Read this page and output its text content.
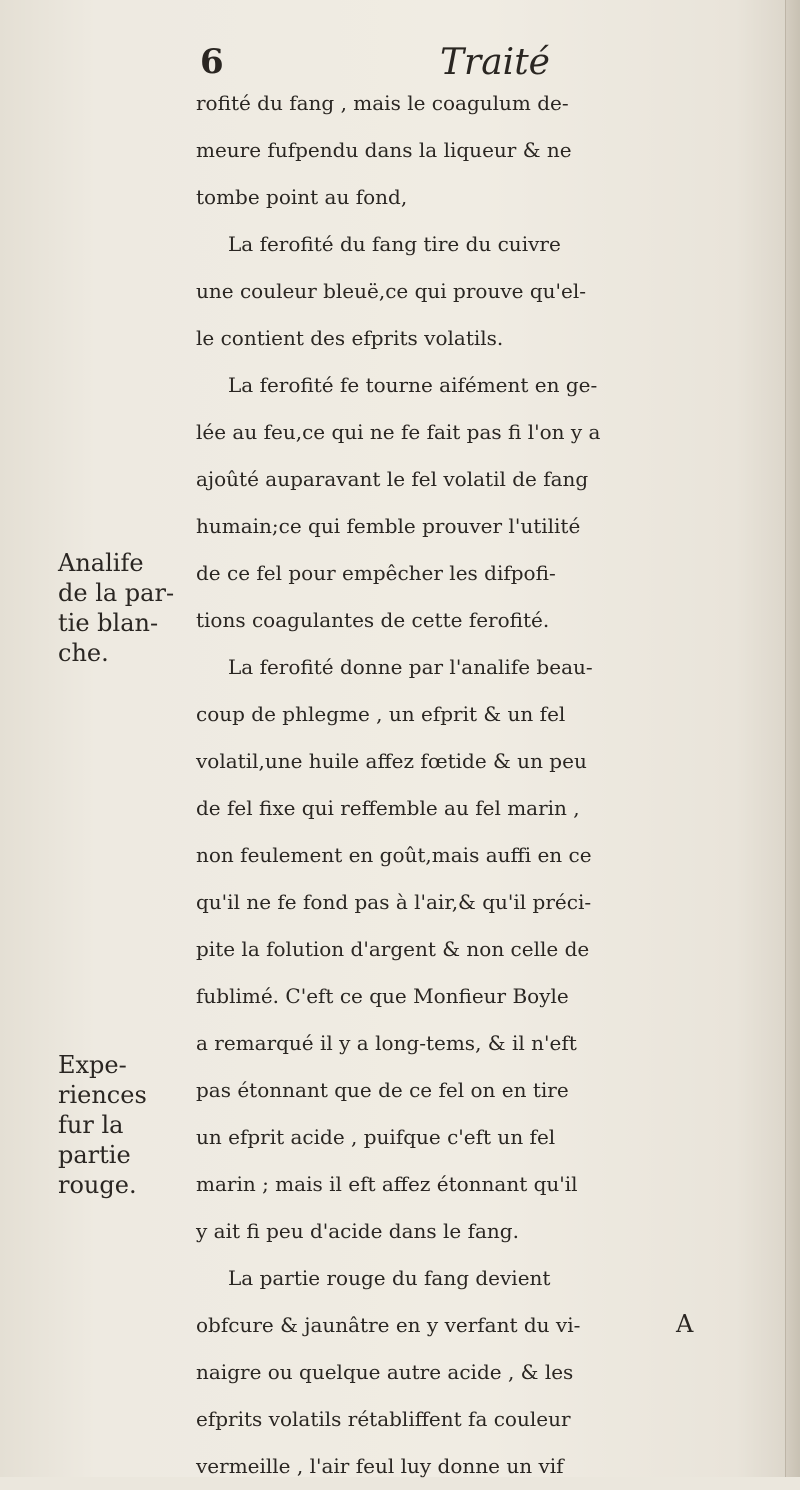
6	Traité
rofité du fang , mais le coagulum de-
meure fufpendu dans la liqueur & ne
tombe point au fond,
La ferofité du fang tire du cuivre
une couleur bleuë,ce qui prouve qu'el-
le contient des efprits volatils.
La ferofité fe tourne aifément en ge-
lée au feu,ce qui ne fe fait pas fi l'on y a
ajoûté auparavant le fel volatil de fang
humain;ce qui femble prouver l'utilité
de ce fel pour empêcher les difpofi-
tions coagulantes de cette ferofité.
La ferofité donne par l'analife beau-
coup de phlegme , un efprit & un fel
volatil,une huile affez fœtide & un peu
de fel fixe qui reffemble au fel marin ,
non feulement en goût,mais auffi en ce
qu'il ne fe fond pas à l'air,& qu'il préci-
pite la folution d'argent & non celle de
fublimé. C'eft ce que Monfieur Boyle
a remarqué il y a long-tems, & il n'eft
pas étonnant que de ce fel on en tire
un efprit acide , puifque c'eft un fel
marin ; mais il eft affez étonnant qu'il
y ait fi peu d'acide dans le fang.
La partie rouge du fang devient
obfcure & jaunâtre en y verfant du vi-
naigre ou quelque autre acide , & les
efprits volatils rétabliffent fa couleur
vermeille , l'air feul luy donne un vif
Analife
de la par-
tie blan-
che.
Expe-
riences
fur la
partie
rouge.
A
